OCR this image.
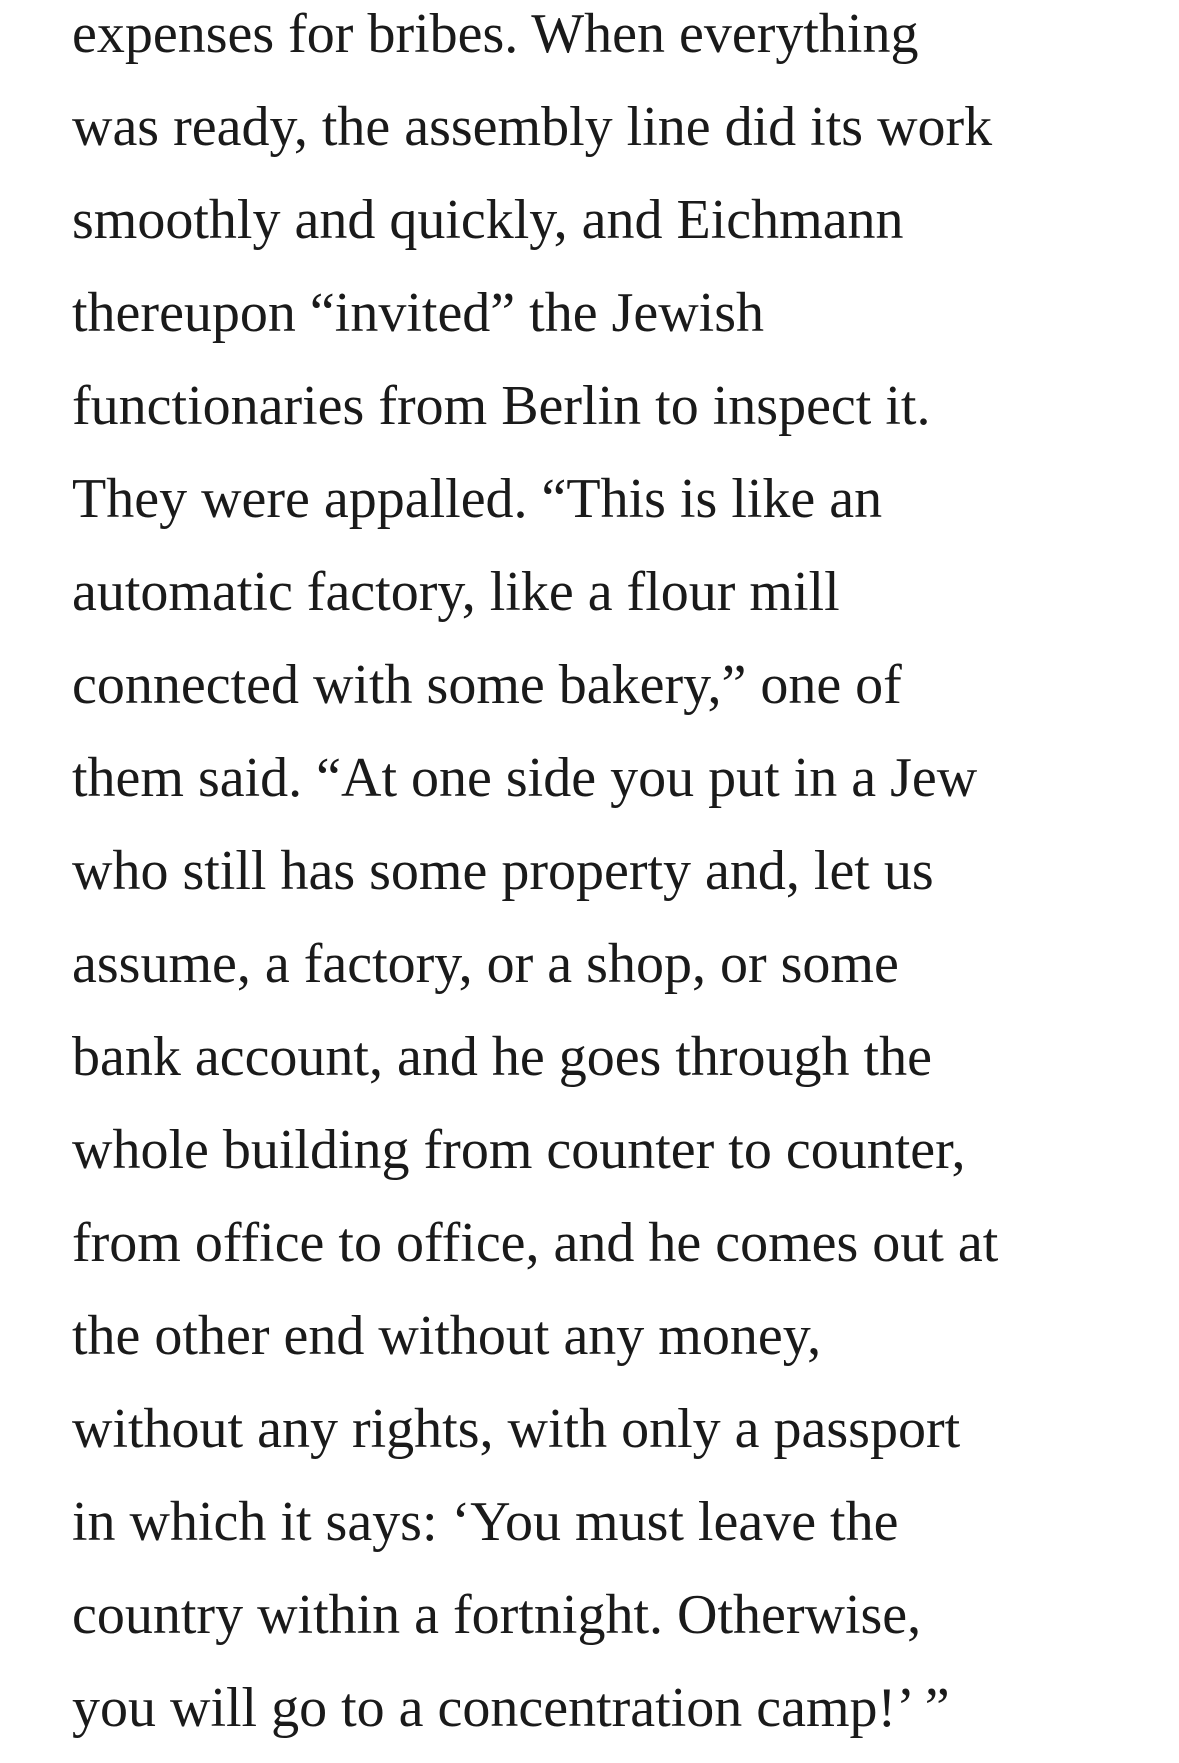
expenses for bribes. When everything
was ready, the assembly line did its work
smoothly and quickly, and Eichmann
thereupon “invited” the Jewish
functionaries from Berlin to inspect it.
They were appalled. “This is like an
automatic factory, like a flour mill
connected with some bakery,” one of
them said. “At one side you put in a Jew
who still has some property and, let us
assume, a factory, or a shop, or some
bank account, and he goes through the
whole building from counter to counter,
from office to office, and he comes out at
the other end without any money,
without any rights, with only a passport
in which it says: ‘You must leave the
country within a fortnight. Otherwise,
you will go to a concentration camp!’ ”
